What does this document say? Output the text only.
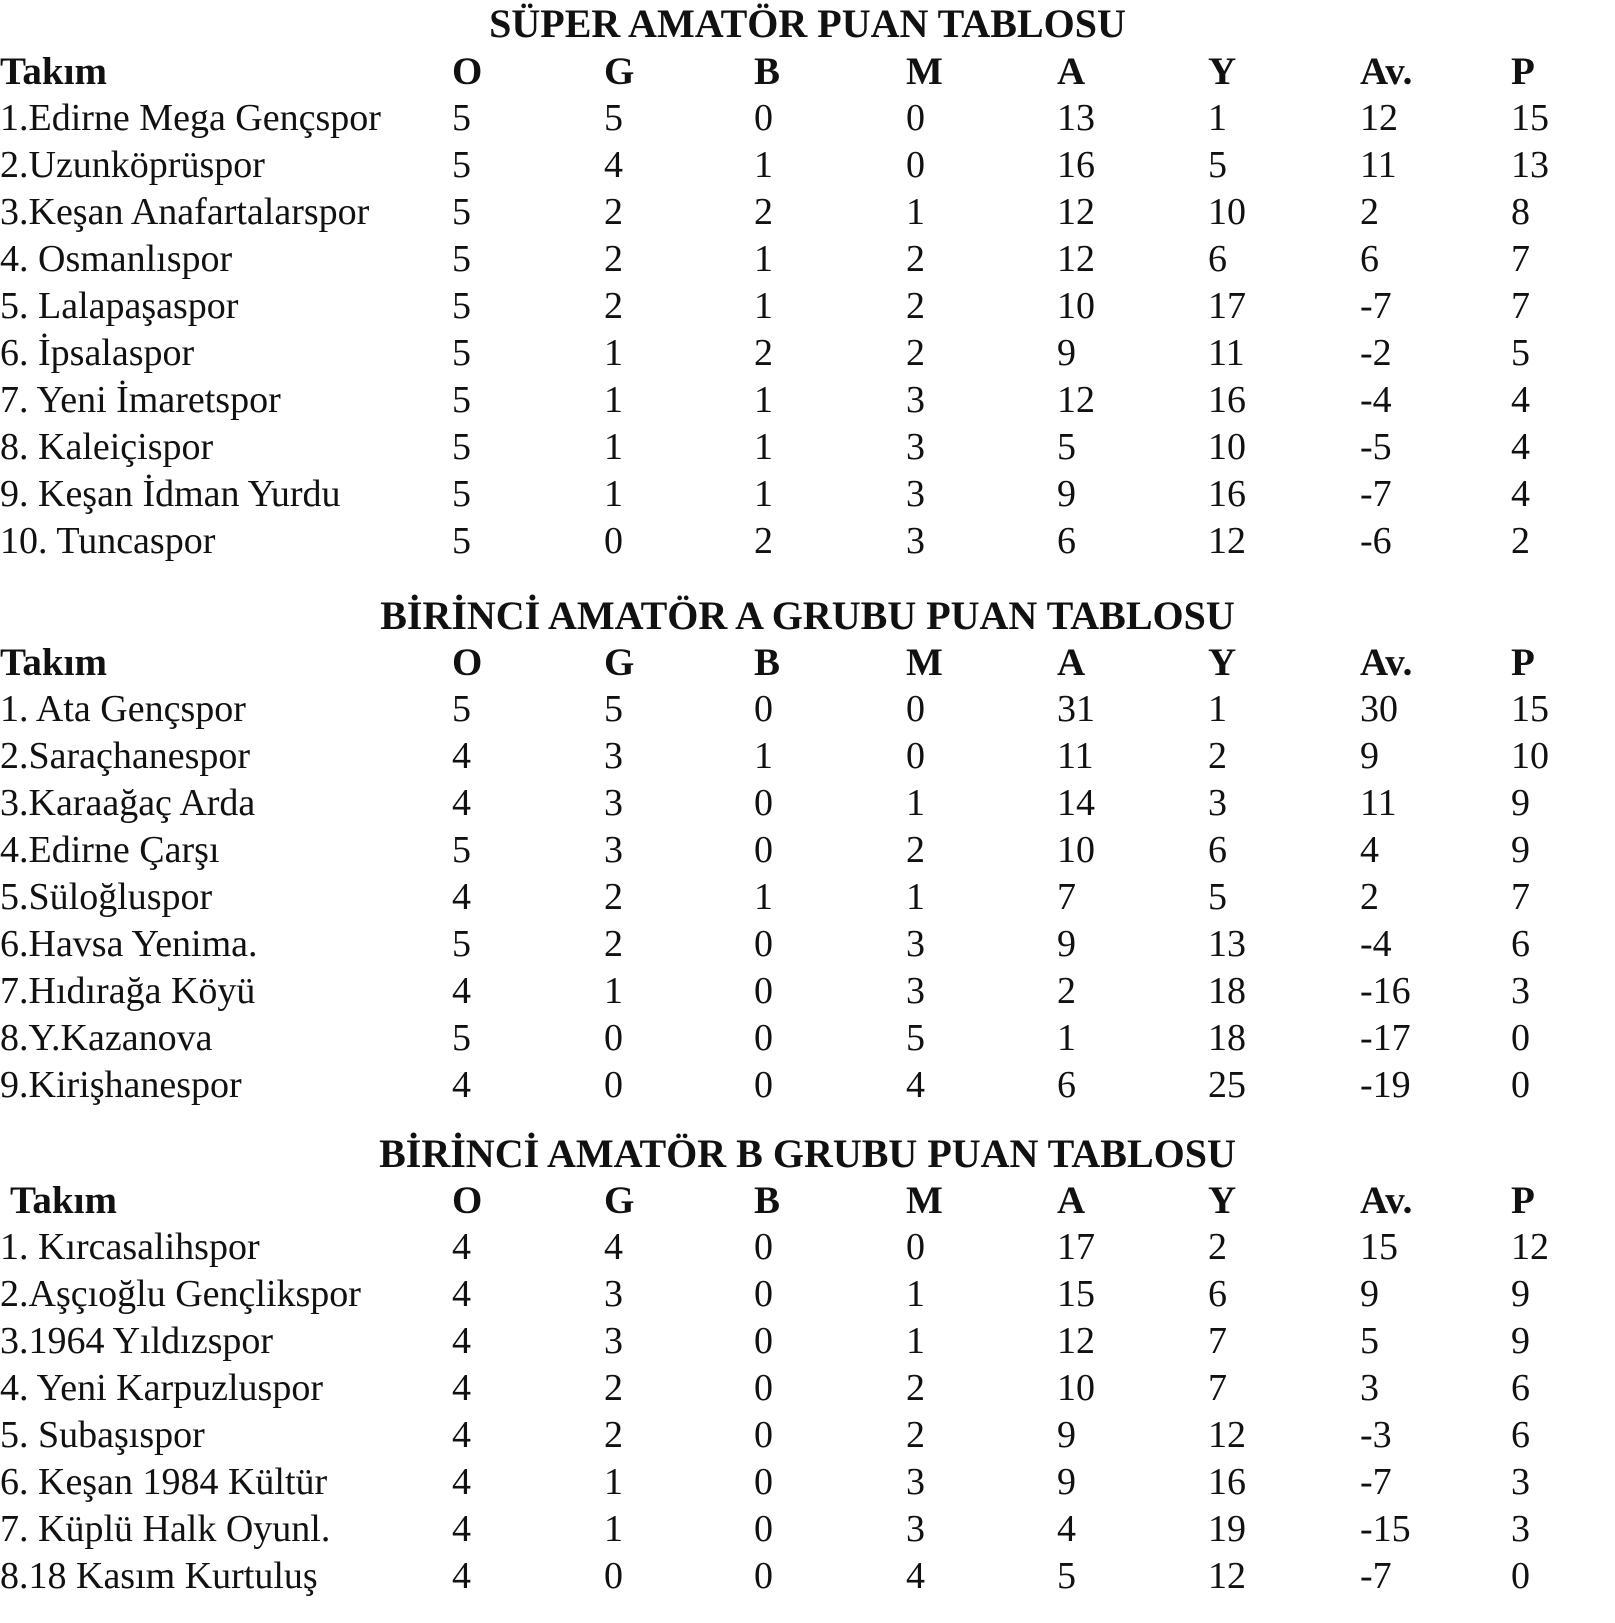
SÜPER AMATÖR PUAN TABLOSU
Takım	O	G	B	M	A	Y	Av.	P
1.Edirne Mega Gençspor 5	5	0	0	13	1	12	15
2.Uzunköprüspor	5	4	1	0	16	5	11	13
3.Keşan Anafartalarspor 5	2	2	1	12	10	2	8
4. Osmanlıspor	5	2	1	2	12	6	6	7
5. Lalapaşaspor	5	2	1	2	10	17	-7	7
6. İpsalaspor	5	1	2	2	9	11	-2	5
7. Yeni İmaretspor	5	1	1	3	12	16	-4	4
8. Kaleiçispor	5	1	1	3	5	10	-5	4
9. Keşan İdman Yurdu	5	1	1	3	9	16	-7	4
10. Tuncaspor	5	0	2	3	6	12	-6	2
BİRİNCİ AMATÖR A GRUBU PUAN TABLOSU
Takım	O	G	B	M	A	Y	Av.	P
1. Ata Gençspor	5	5	0	0	31	1	30	15
2.Saraçhanespor	4	3	1	0	11	2	9	10
3.Karaağaç Arda	4	3	0	1	14	3	11	9
4.Edirne Çarşı	5	3	0	2	10	6	4	9
5.Süloğluspor	4	2	1	1	7	5	2	7
6.Havsa Yenima.	5	2	0	3	9	13	-4	6
7.Hıdırağa Köyü	4	1	0	3	2	18	-16	3
8.Y.Kazanova	5	0	0	5	1	18	-17	0
9.Kirişhanespor	4	0	0	4	6	25	-19	0
BİRİNCİ AMATÖR B GRUBU PUAN TABLOSU
Takım	O	G	B	M	A	Y	Av.	P
1. Kırcasalihspor	4	4	0	0	17	2	15	12
2.Aşçıoğlu Gençlikspor 4	3	0	1	15	6	9	9
3.1964 Yıldızspor	4	3	0	1	12	7	5	9
4. Yeni Karpuzluspor	4	2	0	2	10	7	3	6
5. Subaşıspor	4	2	0	2	9	12	-3	6
6. Keşan 1984 Kültür	4	1	0	3	9	16	-7	3
7. Küplü Halk Oyunl.	4	1	0	3	4	19	-15	3
8.18 Kasım Kurtuluş	4	0	0	4	5	12	-7	0
